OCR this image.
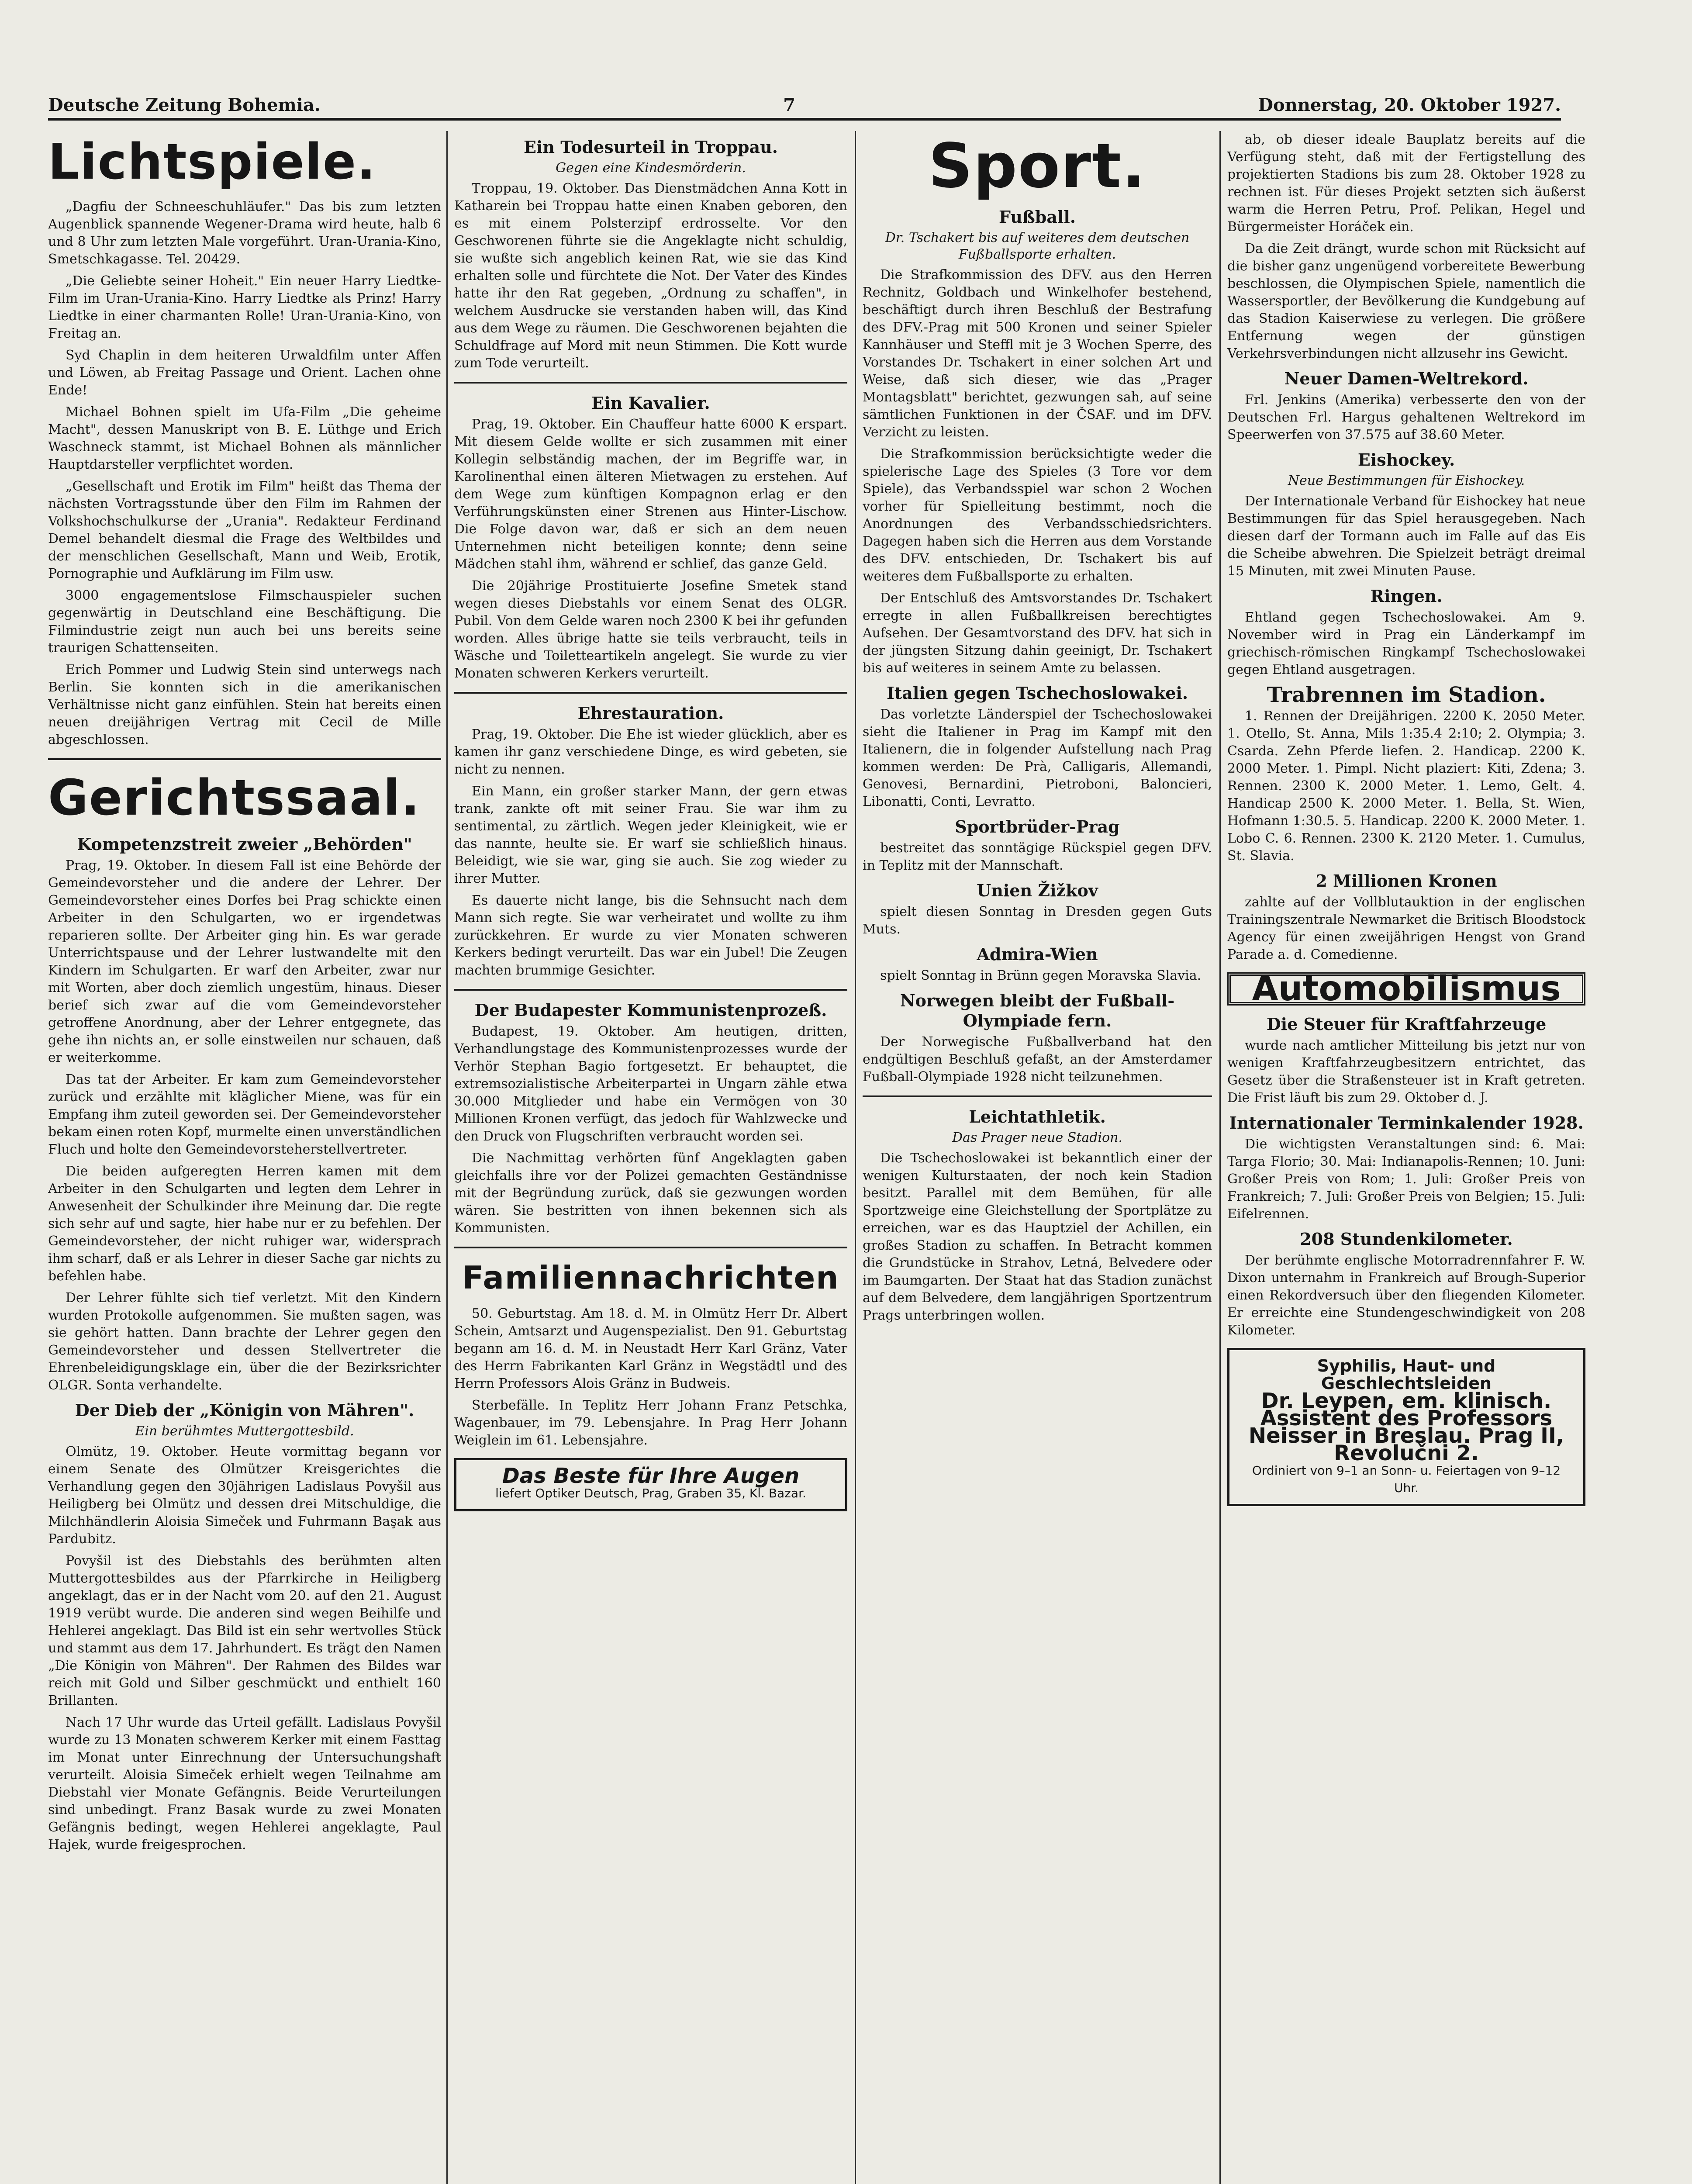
Deutsche Zeitung Bohemia.	7	Donnerstag, 20. Oktober 1927.
Lichtspiele.

„Dagfiu der Schneeschuhläufer." Das bis zum letzten Augenblick spannende Wegener-Drama wird heute, halb 6 und 8 Uhr zum letzten Male vorgeführt. Uran-Urania-Kino, Smetschkagasse. Tel. 20429.

„Die Geliebte seiner Hoheit." Ein neuer Harry Liedtke-Film im Uran-Urania-Kino. Harry Liedtke als Prinz! Harry Liedtke in einer charmanten Rolle! Uran-Urania-Kino, von Freitag an.

Syd Chaplin in dem heiteren Urwaldfilm unter Affen und Löwen, ab Freitag Passage und Orient. Lachen ohne Ende!

Michael Bohnen spielt im Ufa-Film „Die geheime Macht", dessen Manuskript von B. E. Lüthge und Erich Waschneck stammt, ist Michael Bohnen als männlicher Hauptdarsteller verpflichtet worden.

„Gesellschaft und Erotik im Film" heißt das Thema der nächsten Vortragsstunde über den Film im Rahmen der Volkshochschulkurse der „Urania". Redakteur Ferdinand Demel behandelt diesmal die Frage des Weltbildes und der menschlichen Gesellschaft, Mann und Weib, Erotik, Pornographie und Aufklärung im Film usw.

3000 engagementslose Filmschauspieler suchen gegenwärtig in Deutschland eine Beschäftigung. Die Filmindustrie zeigt nun auch bei uns bereits seine traurigen Schattenseiten.

Erich Pommer und Ludwig Stein sind unterwegs nach Berlin. Sie konnten sich in die amerikanischen Verhältnisse nicht ganz einfühlen. Stein hat bereits einen neuen dreijährigen Vertrag mit Cecil de Mille abgeschlossen.

Gerichtssaal.
Kompetenzstreit zweier „Behörden"

Prag, 19. Oktober. In diesem Fall ist eine Behörde der Gemeindevorsteher und die andere der Lehrer. Der Gemeindevorsteher eines Dorfes bei Prag schickte einen Arbeiter in den Schulgarten, wo er irgendetwas reparieren sollte. Der Arbeiter ging hin. Es war gerade Unterrichtspause und der Lehrer lustwandelte mit den Kindern im Schulgarten. Er warf den Arbeiter, zwar nur mit Worten, aber doch ziemlich ungestüm, hinaus. Dieser berief sich zwar auf die vom Gemeindevorsteher getroffene Anordnung, aber der Lehrer entgegnete, das gehe ihn nichts an, er solle einstweilen nur schauen, daß er weiterkomme.

Das tat der Arbeiter. Er kam zum Gemeindevorsteher zurück und erzählte mit kläglicher Miene, was für ein Empfang ihm zuteil geworden sei. Der Gemeindevorsteher bekam einen roten Kopf, murmelte einen unverständlichen Fluch und holte den Gemeindevorsteherstellvertreter.

Die beiden aufgeregten Herren kamen mit dem Arbeiter in den Schulgarten und legten dem Lehrer in Anwesenheit der Schulkinder ihre Meinung dar. Die regte sich sehr auf und sagte, hier habe nur er zu befehlen. Der Gemeindevorsteher, der nicht ruhiger war, widersprach ihm scharf, daß er als Lehrer in dieser Sache gar nichts zu befehlen habe.

Der Lehrer fühlte sich tief verletzt. Mit den Kindern wurden Protokolle aufgenommen. Sie mußten sagen, was sie gehört hatten. Dann brachte der Lehrer gegen den Gemeindevorsteher und dessen Stellvertreter die Ehrenbeleidigungsklage ein, über die der Bezirksrichter OLGR. Sonta verhandelte.

Der Dieb der „Königin von Mähren".
Ein berühmtes Muttergottesbild.

Olmütz, 19. Oktober. Heute vormittag begann vor einem Senate des Olmützer Kreisgerichtes die Verhandlung gegen den 30jährigen Ladislaus Povyšil aus Heiligberg bei Olmütz und dessen drei Mitschuldige, die Milchhändlerin Aloisia Simeček und Fuhrmann Başak aus Pardubitz.

Povyšil ist des Diebstahls des berühmten alten Muttergottesbildes aus der Pfarrkirche in Heiligberg angeklagt, das er in der Nacht vom 20. auf den 21. August 1919 verübt wurde. Die anderen sind wegen Beihilfe und Hehlerei angeklagt. Das Bild ist ein sehr wertvolles Stück und stammt aus dem 17. Jahrhundert. Es trägt den Namen „Die Königin von Mähren". Der Rahmen des Bildes war reich mit Gold und Silber geschmückt und enthielt 160 Brillanten.

Nach 17 Uhr wurde das Urteil gefällt. Ladislaus Povyšil wurde zu 13 Monaten schwerem Kerker mit einem Fasttag im Monat unter Einrechnung der Untersuchungshaft verurteilt. Aloisia Simeček erhielt wegen Teilnahme am Diebstahl vier Monate Gefängnis. Beide Verurteilungen sind unbedingt. Franz Basak wurde zu zwei Monaten Gefängnis bedingt, wegen Hehlerei angeklagte, Paul Hajek, wurde freigesprochen.

Ein Todesurteil in Troppau.
Gegen eine Kindesmörderin.

Troppau, 19. Oktober. Das Dienstmädchen Anna Kott in Katharein bei Troppau hatte einen Knaben geboren, den es mit einem Polsterzipf erdrosselte. Vor den Geschworenen führte sie die Angeklagte nicht schuldig, sie wußte sich angeblich keinen Rat, wie sie das Kind erhalten solle und fürchtete die Not. Der Vater des Kindes hatte ihr den Rat gegeben, „Ordnung zu schaffen", in welchem Ausdrucke sie verstanden haben will, das Kind aus dem Wege zu räumen. Die Geschworenen bejahten die Schuldfrage auf Mord mit neun Stimmen. Die Kott wurde zum Tode verurteilt.

Ein Kavalier.

Prag, 19. Oktober. Ein Chauffeur hatte 6000 K erspart. Mit diesem Gelde wollte er sich zusammen mit einer Kollegin selbständig machen, der im Begriffe war, in Karolinenthal einen älteren Mietwagen zu erstehen. Auf dem Wege zum künftigen Kompagnon erlag er den Verführungskünsten einer Strenen aus Hinter-Lischow. Die Folge davon war, daß er sich an dem neuen Unternehmen nicht beteiligen konnte; denn seine Mädchen stahl ihm, während er schlief, das ganze Geld.

Die 20jährige Prostituierte Josefine Smetek stand wegen dieses Diebstahls vor einem Senat des OLGR. Pubil. Von dem Gelde waren noch 2300 K bei ihr gefunden worden. Alles übrige hatte sie teils verbraucht, teils in Wäsche und Toiletteartikeln angelegt. Sie wurde zu vier Monaten schweren Kerkers verurteilt.

Ehrestauration.

Prag, 19. Oktober. Die Ehe ist wieder glücklich, aber es kamen ihr ganz verschiedene Dinge, es wird gebeten, sie nicht zu nennen.

Ein Mann, ein großer starker Mann, der gern etwas trank, zankte oft mit seiner Frau. Sie war ihm zu sentimental, zu zärtlich. Wegen jeder Kleinigkeit, wie er das nannte, heulte sie. Er warf sie schließlich hinaus. Beleidigt, wie sie war, ging sie auch. Sie zog wieder zu ihrer Mutter.

Es dauerte nicht lange, bis die Sehnsucht nach dem Mann sich regte. Sie war verheiratet und wollte zu ihm zurückkehren. Er wurde zu vier Monaten schweren Kerkers bedingt verurteilt. Das war ein Jubel! Die Zeugen machten brummige Gesichter.

Der Budapester Kommunistenprozeß.

Budapest, 19. Oktober. Am heutigen, dritten, Verhandlungstage des Kommunistenprozesses wurde der Verhör Stephan Bagio fortgesetzt. Er behauptet, die extremsozialistische Arbeiterpartei in Ungarn zähle etwa 30.000 Mitglieder und habe ein Vermögen von 30 Millionen Kronen verfügt, das jedoch für Wahlzwecke und den Druck von Flugschriften verbraucht worden sei.

Die Nachmittag verhörten fünf Angeklagten gaben gleichfalls ihre vor der Polizei gemachten Geständnisse mit der Begründung zurück, daß sie gezwungen worden wären. Sie bestritten von ihnen bekennen sich als Kommunisten.

Familiennachrichten

50. Geburtstag. Am 18. d. M. in Olmütz Herr Dr. Albert Schein, Amtsarzt und Augenspezialist. Den 91. Geburtstag begann am 16. d. M. in Neustadt Herr Karl Gränz, Vater des Herrn Fabrikanten Karl Gränz in Wegstädtl und des Herrn Professors Alois Gränz in Budweis.

Sterbefälle. In Teplitz Herr Johann Franz Petschka, Wagenbauer, im 79. Lebensjahre. In Prag Herr Johann Weiglein im 61. Lebensjahre.

Das Beste für Ihre Augen
liefert Optiker Deutsch, Prag, Graben 35, Kl. Bazar.
Sport.
Fußball.
Dr. Tschakert bis auf weiteres dem deutschen Fußballsporte erhalten.

Die Strafkommission des DFV. aus den Herren Rechnitz, Goldbach und Winkelhofer bestehend, beschäftigt durch ihren Beschluß der Bestrafung des DFV.-Prag mit 500 Kronen und seiner Spieler Kannhäuser und Steffl mit je 3 Wochen Sperre, des Vorstandes Dr. Tschakert in einer solchen Art und Weise, daß sich dieser, wie das „Prager Montagsblatt" berichtet, gezwungen sah, auf seine sämtlichen Funktionen in der ČSAF. und im DFV. Verzicht zu leisten.

Die Strafkommission berücksichtigte weder die spielerische Lage des Spieles (3 Tore vor dem Spiele), das Verbandsspiel war schon 2 Wochen vorher für Spielleitung bestimmt, noch die Anordnungen des Verbandsschiedsrichters. Dagegen haben sich die Herren aus dem Vorstande des DFV. entschieden, Dr. Tschakert bis auf weiteres dem Fußballsporte zu erhalten.

Der Entschluß des Amtsvorstandes Dr. Tschakert erregte in allen Fußballkreisen berechtigtes Aufsehen. Der Gesamtvorstand des DFV. hat sich in der jüngsten Sitzung dahin geeinigt, Dr. Tschakert bis auf weiteres in seinem Amte zu belassen.

Italien gegen Tschechoslowakei.

Das vorletzte Länderspiel der Tschechoslowakei sieht die Italiener in Prag im Kampf mit den Italienern, die in folgender Aufstellung nach Prag kommen werden: De Prà, Calligaris, Allemandi, Genovesi, Bernardini, Pietroboni, Baloncieri, Libonatti, Conti, Levratto.

Sportbrüder-Prag

bestreitet das sonntägige Rückspiel gegen DFV. in Teplitz mit der Mannschaft.

Unien Žižkov

spielt diesen Sonntag in Dresden gegen Guts Muts.

Admira-Wien

spielt Sonntag in Brünn gegen Moravska Slavia.

Norwegen bleibt der Fußball-Olympiade fern.

Der Norwegische Fußballverband hat den endgültigen Beschluß gefaßt, an der Amsterdamer Fußball-Olympiade 1928 nicht teilzunehmen.

Leichtathletik.
Das Prager neue Stadion.

Die Tschechoslowakei ist bekanntlich einer der wenigen Kulturstaaten, der noch kein Stadion besitzt. Parallel mit dem Bemühen, für alle Sportzweige eine Gleichstellung der Sportplätze zu erreichen, war es das Hauptziel der Achillen, ein großes Stadion zu schaffen. In Betracht kommen die Grundstücke in Strahov, Letná, Belvedere oder im Baumgarten. Der Staat hat das Stadion zunächst auf dem Belvedere, dem langjährigen Sportzentrum Prags unterbringen wollen.

ab, ob dieser ideale Bauplatz bereits auf die Verfügung steht, daß mit der Fertigstellung des projektierten Stadions bis zum 28. Oktober 1928 zu rechnen ist. Für dieses Projekt setzten sich äußerst warm die Herren Petru, Prof. Pelikan, Hegel und Bürgermeister Horáček ein.

Da die Zeit drängt, wurde schon mit Rücksicht auf die bisher ganz ungenügend vorbereitete Bewerbung beschlossen, die Olympischen Spiele, namentlich die Wassersportler, der Bevölkerung die Kundgebung auf das Stadion Kaiserwiese zu verlegen. Die größere Entfernung wegen der günstigen Verkehrsverbindungen nicht allzusehr ins Gewicht.

Neuer Damen-Weltrekord.

Frl. Jenkins (Amerika) verbesserte den von der Deutschen Frl. Hargus gehaltenen Weltrekord im Speerwerfen von 37.575 auf 38.60 Meter.

Eishockey.
Neue Bestimmungen für Eishockey.

Der Internationale Verband für Eishockey hat neue Bestimmungen für das Spiel herausgegeben. Nach diesen darf der Tormann auch im Falle auf das Eis die Scheibe abwehren. Die Spielzeit beträgt dreimal 15 Minuten, mit zwei Minuten Pause.

Ringen.

Ehtland gegen Tschechoslowakei. Am 9. November wird in Prag ein Länderkampf im griechisch-römischen Ringkampf Tschechoslowakei gegen Ehtland ausgetragen.

Trabrennen im Stadion.

1. Rennen der Dreijährigen. 2200 K. 2050 Meter. 1. Otello, St. Anna, Mils 1:35.4 2:10; 2. Olympia; 3. Csarda. Zehn Pferde liefen. 2. Handicap. 2200 K. 2000 Meter. 1. Pimpl. Nicht plaziert: Kiti, Zdena; 3. Rennen. 2300 K. 2000 Meter. 1. Lemo, Gelt. 4. Handicap 2500 K. 2000 Meter. 1. Bella, St. Wien, Hofmann 1:30.5. 5. Handicap. 2200 K. 2000 Meter. 1. Lobo C. 6. Rennen. 2300 K. 2120 Meter. 1. Cumulus, St. Slavia.

2 Millionen Kronen

zahlte auf der Vollblutauktion in der englischen Trainingszentrale Newmarket die Britisch Bloodstock Agency für einen zweijährigen Hengst von Grand Parade a. d. Comedienne.

Automobilismus
Die Steuer für Kraftfahrzeuge

wurde nach amtlicher Mitteilung bis jetzt nur von wenigen Kraftfahrzeugbesitzern entrichtet, das Gesetz über die Straßensteuer ist in Kraft getreten. Die Frist läuft bis zum 29. Oktober d. J.

Internationaler Terminkalender 1928.

Die wichtigsten Veranstaltungen sind: 6. Mai: Targa Florio; 30. Mai: Indianapolis-Rennen; 10. Juni: Großer Preis von Rom; 1. Juli: Großer Preis von Frankreich; 7. Juli: Großer Preis von Belgien; 15. Juli: Eifelrennen.

208 Stundenkilometer.

Der berühmte englische Motorradrennfahrer F. W. Dixon unternahm in Frankreich auf Brough-Superior einen Rekordversuch über den fliegenden Kilometer. Er erreichte eine Stundengeschwindigkeit von 208 Kilometer.

Syphilis, Haut- und Geschlechtsleiden
Dr. Leypen, em. klinisch. Assistent des Professors Neisser in Breslau. Prag II, Revolučni 2.
Ordiniert von 9–1 an Sonn- u. Feiertagen von 9–12 Uhr.
